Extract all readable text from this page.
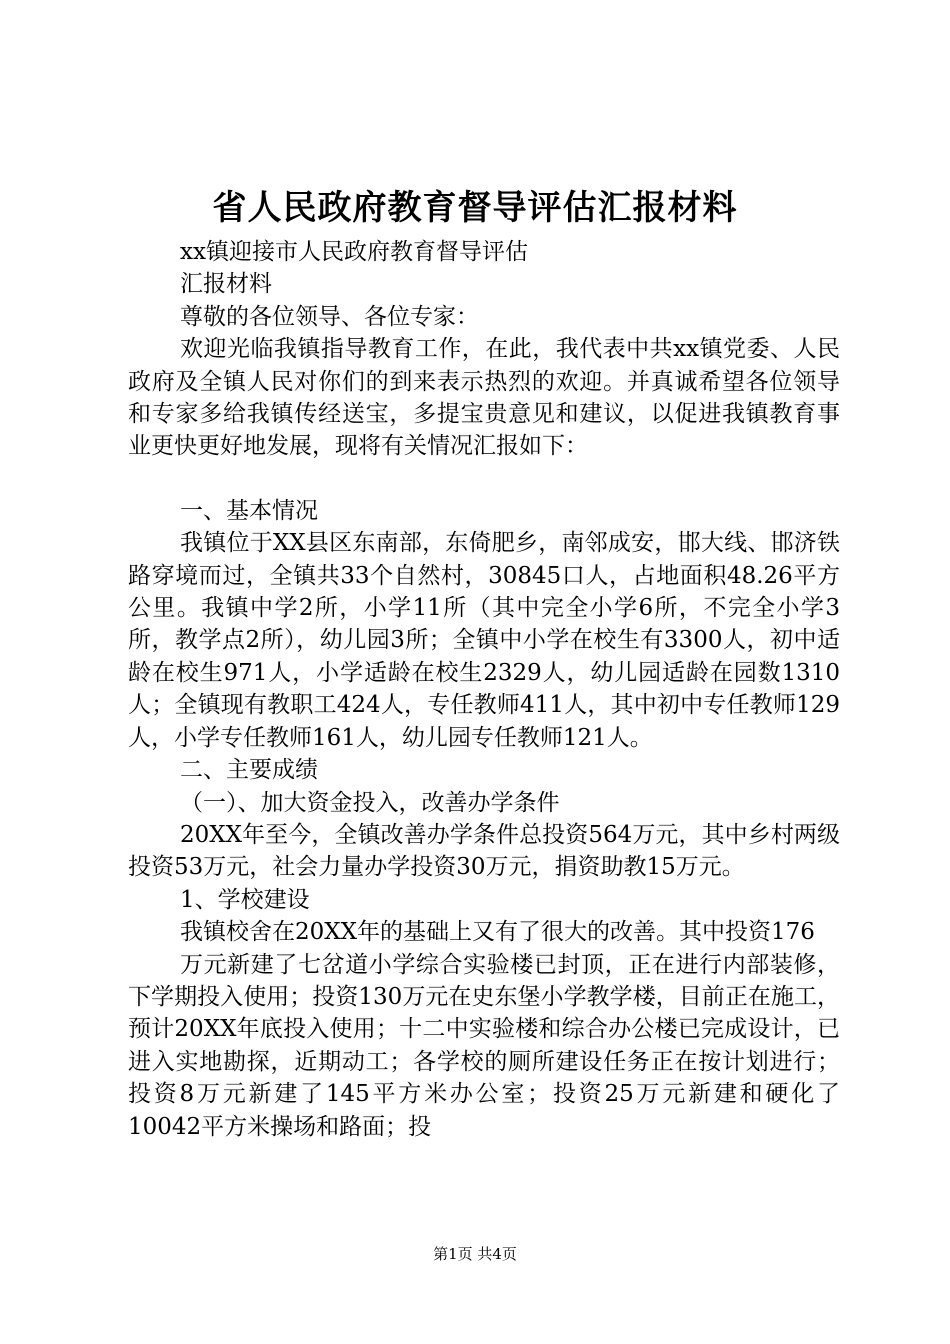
省人民政府教育督导评估汇报材料

xx镇迎接市人民政府教育督导评估

汇报材料

尊敬的各位领导、各位专家：

欢迎光临我镇指导教育工作，在此，我代表中共xx镇党委、人民政府及全镇人民对你们的到来表示热烈的欢迎。并真诚希望各位领导和专家多给我镇传经送宝，多提宝贵意见和建议，以促进我镇教育事业更快更好地发展，现将有关情况汇报如下：

一、基本情况

我镇位于XX县区东南部，东倚肥乡，南邻成安，邯大线、邯济铁路穿境而过，全镇共33个自然村，30845口人，占地面积48.26平方公里。我镇中学2所，小学11所（其中完全小学6所，不完全小学3所，教学点2所），幼儿园3所；全镇中小学在校生有3300人，初中适龄在校生971人，小学适龄在校生2329人，幼儿园适龄在园数1310人；全镇现有教职工424人，专任教师411人，其中初中专任教师129人，小学专任教师161人，幼儿园专任教师121人。

二、主要成绩

（一）、加大资金投入，改善办学条件

20XX年至今，全镇改善办学条件总投资564万元，其中乡村两级投资53万元，社会力量办学投资30万元，捐资助教15万元。

1、学校建设

我镇校舍在20XX年的基础上又有了很大的改善。其中投资176

万元新建了七岔道小学综合实验楼已封顶，正在进行内部装修，下学期投入使用；投资130万元在史东堡小学教学楼，目前正在施工，预计20XX年底投入使用；十二中实验楼和综合办公楼已完成设计，已进入实地勘探，近期动工；各学校的厕所建设任务正在按计划进行；投资8万元新建了145平方米办公室；投资25万元新建和硬化了10042平方米操场和路面；投

第1页 共4页
